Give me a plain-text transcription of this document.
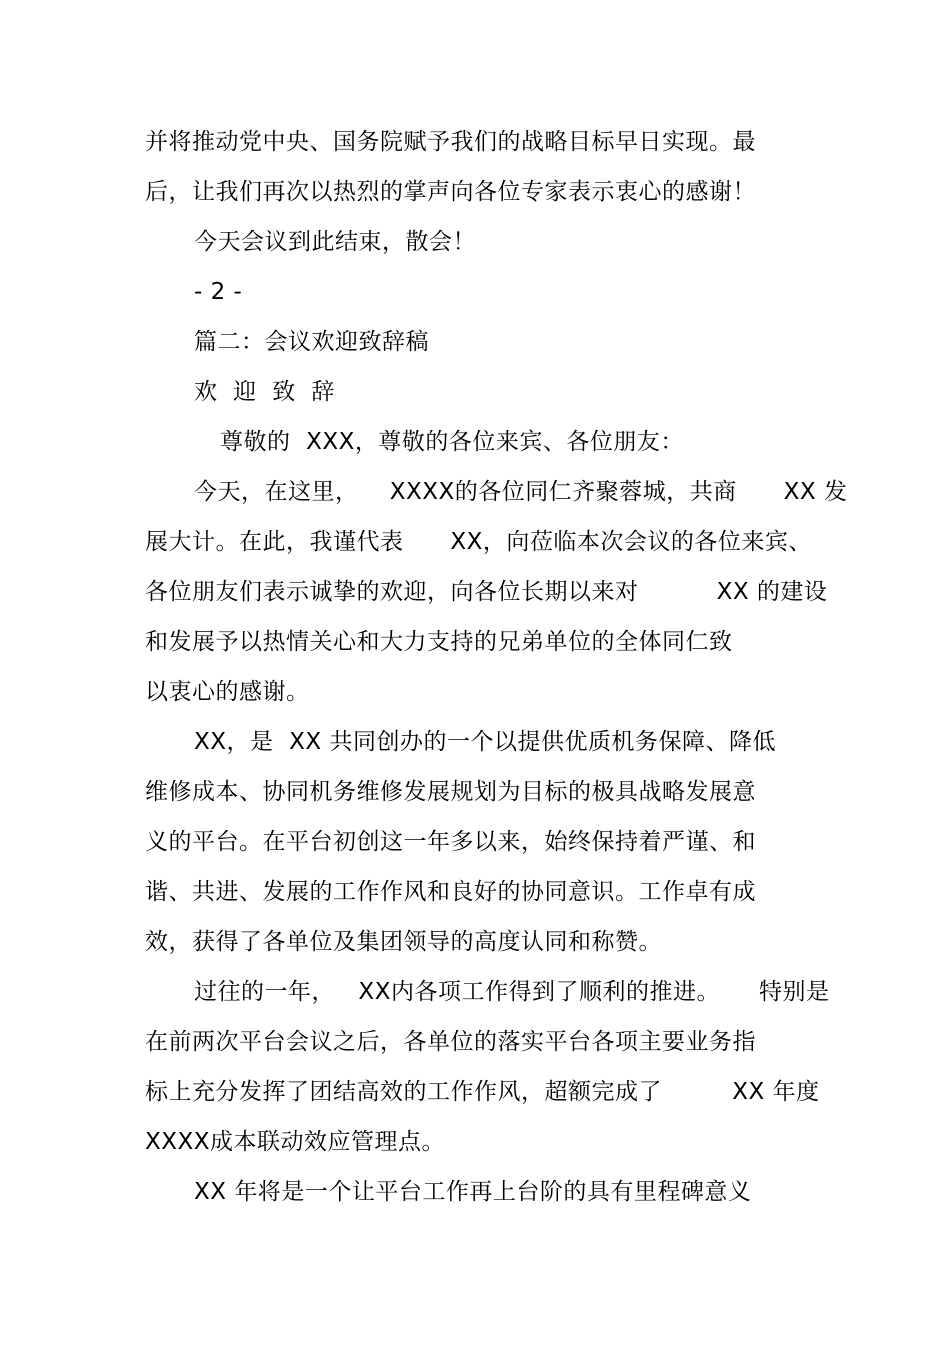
并将推动党中央、国务院赋予我们的战略目标早日实现。最
后，让我们再次以热烈的掌声向各位专家表示衷心的感谢！
今天会议到此结束，散会！
- 2 -
篇二：会议欢迎致辞稿
欢  迎  致  辞
尊敬的  XXX，尊敬的各位来宾、各位朋友：
今天，在这里，    XXXX的各位同仁齐聚蓉城，共商      XX 发
展大计。在此，我谨代表      XX，向莅临本次会议的各位来宾、
各位朋友们表示诚挚的欢迎，向各位长期以来对          XX 的建设
和发展予以热情关心和大力支持的兄弟单位的全体同仁致
以衷心的感谢。
XX，是  XX 共同创办的一个以提供优质机务保障、降低
维修成本、协同机务维修发展规划为目标的极具战略发展意
义的平台。在平台初创这一年多以来，始终保持着严谨、和
谐、共进、发展的工作作风和良好的协同意识。工作卓有成
效，获得了各单位及集团领导的高度认同和称赞。
过往的一年，   XX内各项工作得到了顺利的推进。     特别是
在前两次平台会议之后，各单位的落实平台各项主要业务指
标上充分发挥了团结高效的工作作风，超额完成了         XX 年度
XXXX成本联动效应管理点。
XX 年将是一个让平台工作再上台阶的具有里程碑意义
